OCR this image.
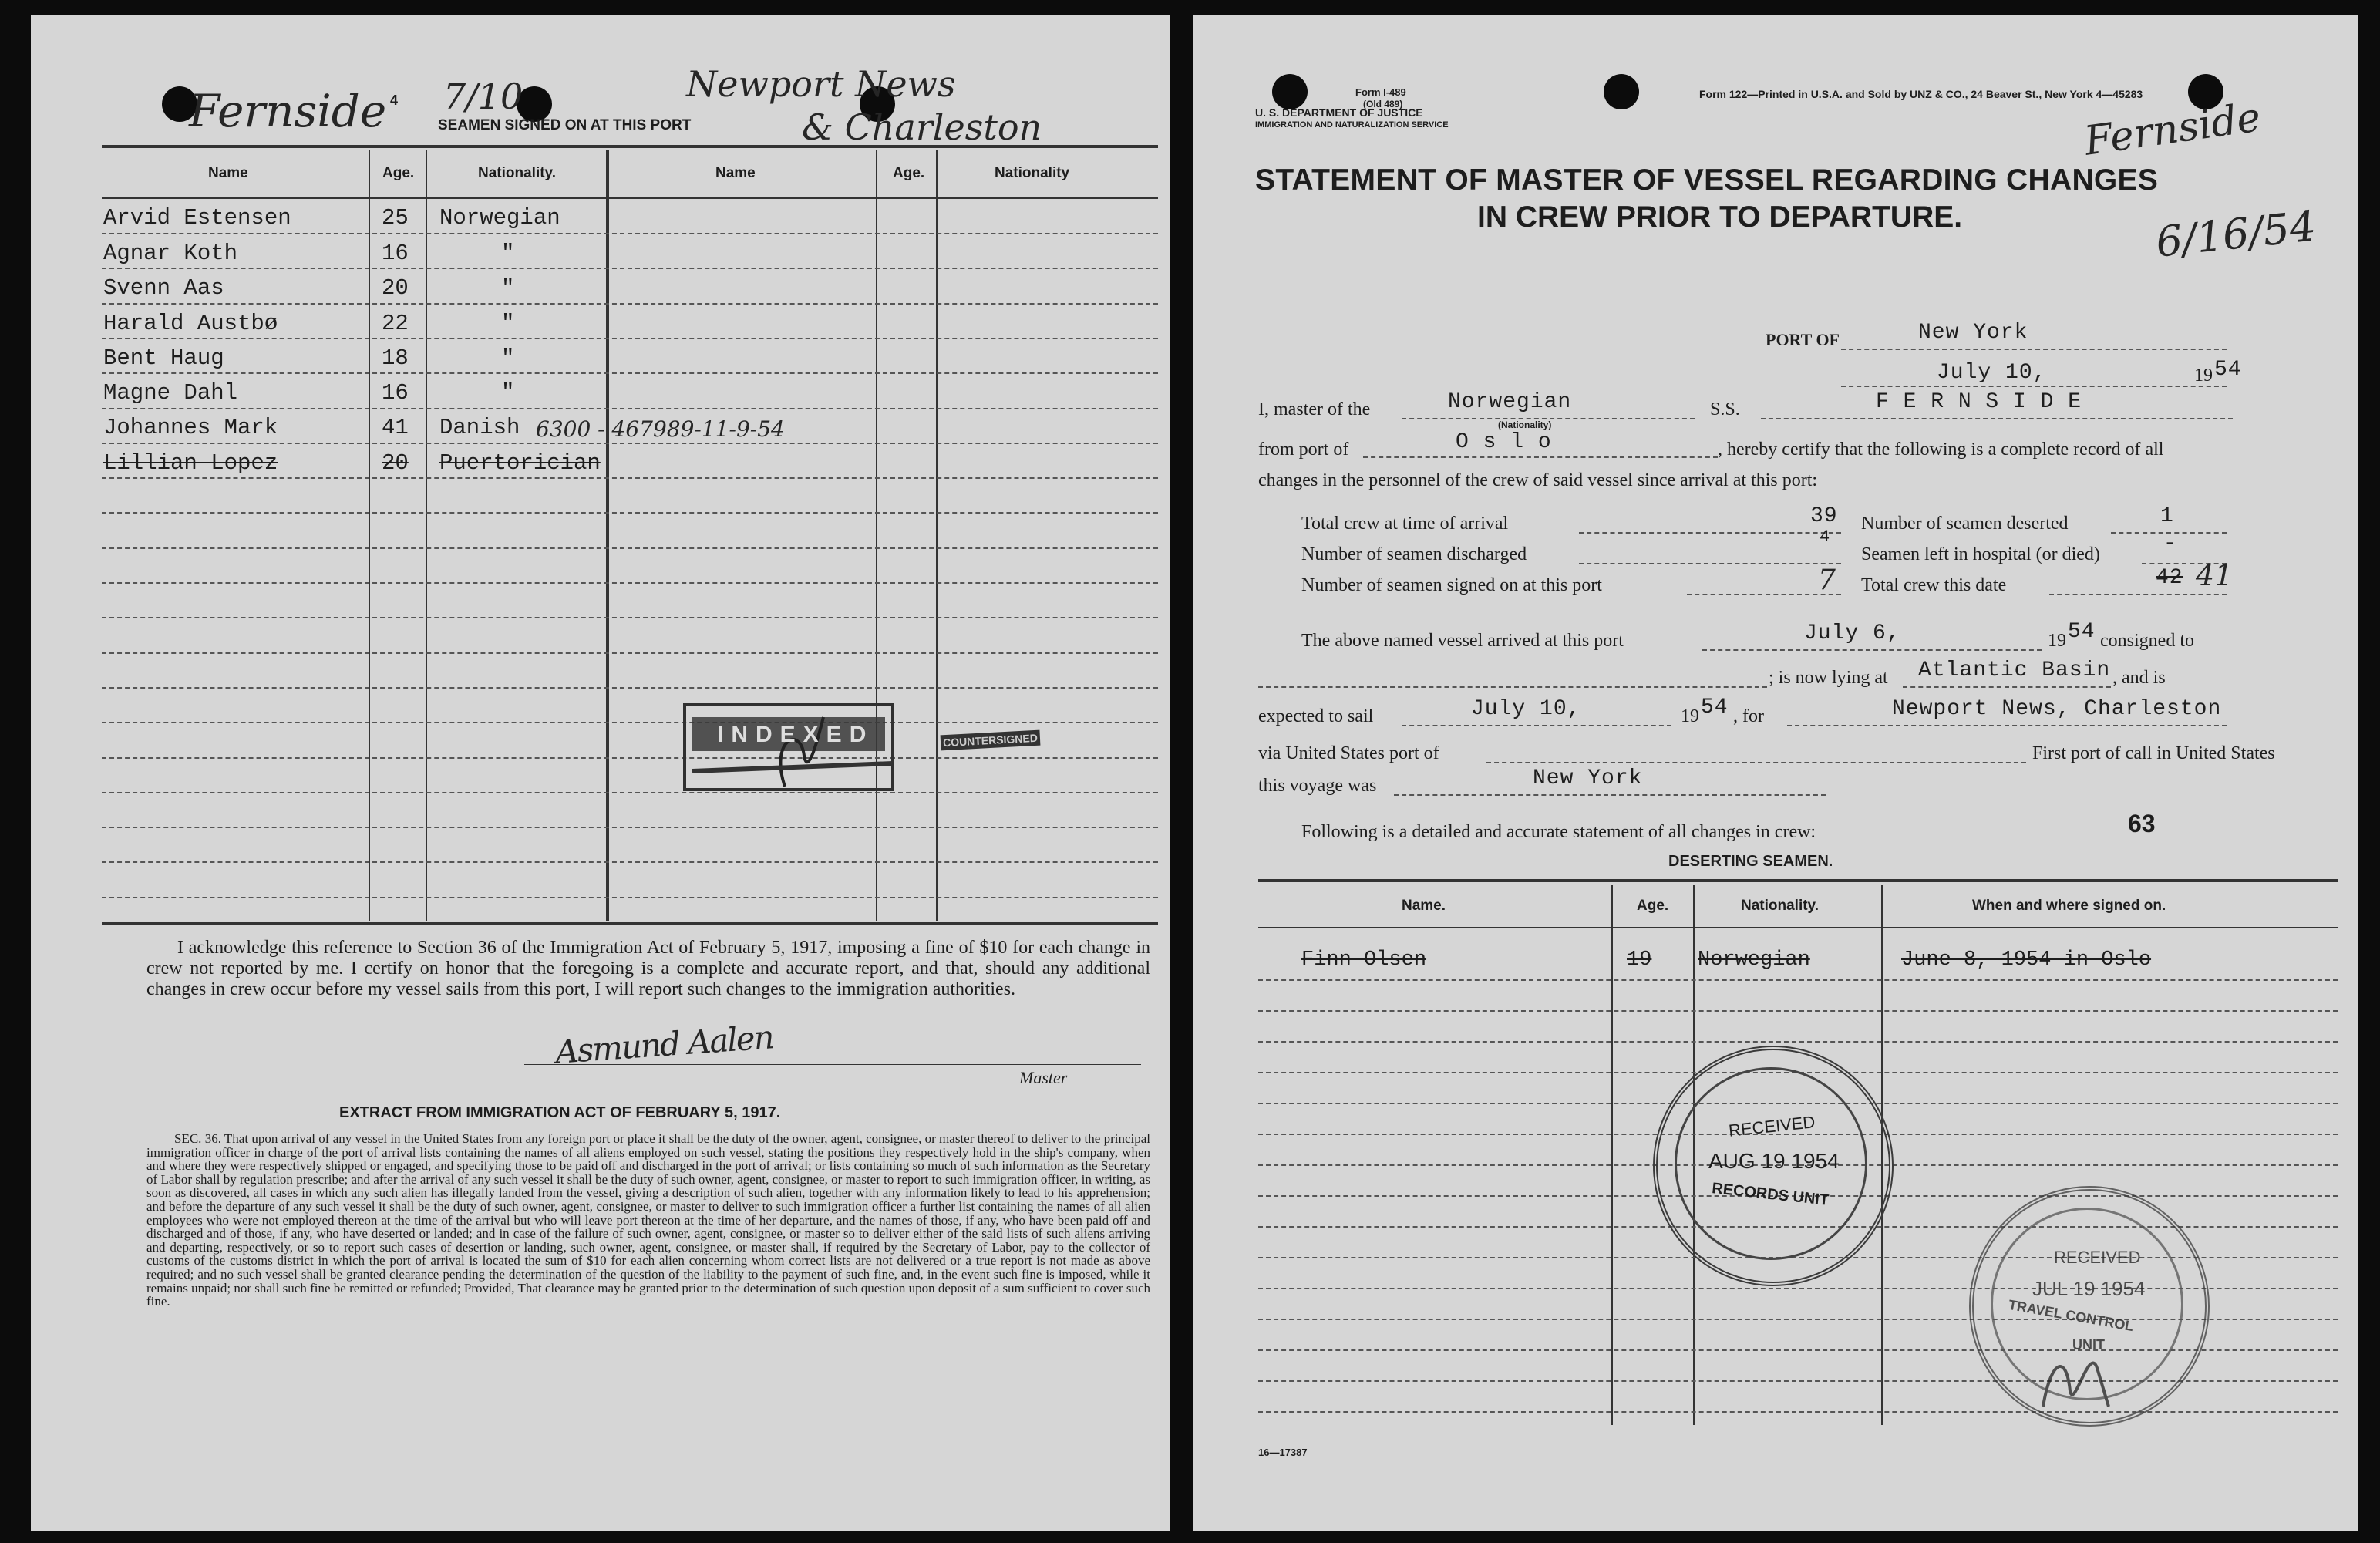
Fernside 7/10	Newport News
& Charleston
4
SEAMEN SIGNED ON AT THIS PORT
Name	Age.	Nationality.	Name	Age.	Nationality
Arvid Estensen	25 Norwegian
Agnar Koth	16	"
Svenn Aas	20	"
Harald Austbø	22	"
Bent Haug	18	"
Magne Dahl	16	"
Johannes Mark	41 Danish 6300 - 467989-11-9-54
Lillian Lopez	20 Puertorician
INDEXED	COUNTERSIGNED
I acknowledge this reference to Section 36 of the Immigration Act of February 5, 1917, imposing a fine of $10 for each change in crew not reported by me. I certify on honor that the foregoing is a complete and accurate report, and that, should any additional changes in crew occur before my vessel sails from this port, I will report such changes to the immigration authorities.
Asmund Aalen
Master
EXTRACT FROM IMMIGRATION ACT OF FEBRUARY 5, 1917.
SEC. 36. That upon arrival of any vessel in the United States from any foreign port or place it shall be the duty of the owner, agent, consignee, or master thereof to deliver to the principal immigration officer in charge of the port of arrival lists containing the names of all aliens employed on such vessel, stating the positions they respectively hold in the ship's company, when and where they were respectively shipped or engaged, and specifying those to be paid off and discharged in the port of arrival; or lists containing so much of such information as the Secretary of Labor shall by regulation prescribe; and after the arrival of any such vessel it shall be the duty of such owner, agent, consignee, or master to report to such immigration officer, in writing, as soon as discovered, all cases in which any such alien has illegally landed from the vessel, giving a description of such alien, together with any information likely to lead to his apprehension; and before the departure of any such vessel it shall be the duty of such owner, agent, consignee, or master to deliver to such immigration officer a further list containing the names of all alien employees who were not employed thereon at the time of the arrival but who will leave port thereon at the time of her departure, and the names of those, if any, who have been paid off and discharged and of those, if any, who have deserted or landed; and in case of the failure of such owner, agent, consignee, or master so to deliver either of the said lists of such aliens arriving and departing, respectively, or so to report such cases of desertion or landing, such owner, agent, consignee, or master shall, if required by the Secretary of Labor, pay to the collector of customs of the customs district in which the port of arrival is located the sum of $10 for each alien concerning whom correct lists are not delivered or a true report is not made as above required; and no such vessel shall be granted clearance pending the determination of the question of the liability to the payment of such fine, and, in the event such fine is imposed, while it remains unpaid; nor shall such fine be remitted or refunded; Provided, That clearance may be granted prior to the determination of such question upon deposit of a sum sufficient to cover such fine.
Form I-489
(Old 489)
U. S. DEPARTMENT OF JUSTICE
IMMIGRATION AND NATURALIZATION SERVICE
Form 122—Printed in U.S.A. and Sold by UNZ & CO., 24 Beaver St., New York 4—45283
Fernside
6/16/54
STATEMENT OF MASTER OF VESSEL REGARDING CHANGES
IN CREW PRIOR TO DEPARTURE.
PORT OF	New York
July 10,	19 54
I, master of the	Norwegian
(Nationality)
S.S.	F E R N S I D E
from port of	O s l o	, hereby certify that the following is a complete record of all
changes in the personnel of the crew of said vessel since arrival at this port:
Total crew at time of arrival	39
Number of seamen discharged
4
Number of seamen signed on at this port	7
Number of seamen deserted	1
Seamen left in hospital (or died)	-
Total crew this date	42 41
The above named vessel arrived at this port	July 6,	19 54 consigned to
; is now lying at Atlantic Basin , and is
expected to sail	July 10,	19 54 , for	Newport News, Charleston
via United States port of	First port of call in United States
this voyage was	New York
Following is a detailed and accurate statement of all changes in crew:	63
DESERTING SEAMEN.
Name.	Age.	Nationality.	When and where signed on.
Finn Olsen	19 Norwegian	June 8, 1954 in Oslo
RECEIVED
AUG 19 1954
RECORDS UNIT
RECEIVED
JUL 19 1954
TRAVEL CONTROL
UNIT
16—17387
